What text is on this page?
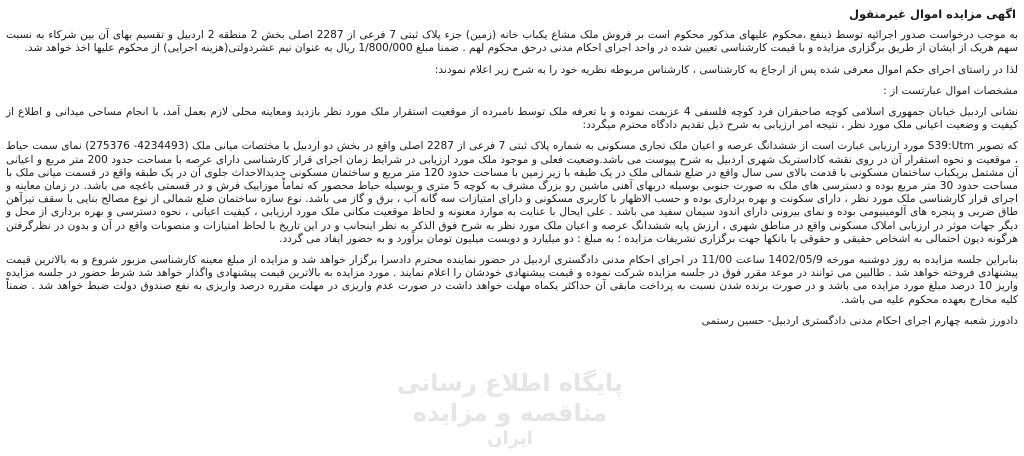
پایگاه اطلاع رسانی مناقصه و مزایده
ایران
اگهی مزایده اموال غیرمنقول
به موجب درخواست صدور اجرائیه توسط ذینفع ،محکوم علیهای مذکور محکوم است بر فروش ملک مشاع یکباب خانه (زمین) جزء پلاک ثبتی 7 فرعی از 2287 اصلی بخش 2 منطقه 2 اردبیل و تقسیم بهای آن بین شرکاء به نسبت سهم هریک از ایشان از طریق برگزاری مزایده و با قیمت کارشناسی تعیین شده در واحد اجرای احکام مدنی درحق محکوم لهم . ضمنا مبلغ 1/800/000 ریال به عنوان نیم عشردولتی(هزینه اجرایی) از محکوم علیها اخذ خواهد شد.
لذا در راستای اجرای حکم اموال معرفی شده پس از ارجاع به کارشناسی ، کارشناس مربوطه نظریه خود را به شرح زیر اعلام نمودند:
مشخصات اموال عبارتست از :
نشانی اردبیل خیابان جمهوری اسلامی کوچه صاحبقران فرد کوچه فلسفی 4 عزیمت نموده و با تعرفه ملک توسط نامبرده از موقعیت استقرار ملک مورد نظر بازدید ومعاینه محلی لازم بعمل آمد، با انجام مساحی میدانی و اطلاع از کیفیت و وضعیت اعیانی ملک مورد نظر ، نتیجه امر ارزیابی به شرح ذیل تقدیم دادگاه محترم میگردد:
که تصویر S39:Utm مورد ارزیابی عبارت است از ششدانگ عرصه و اعیان ملک تجاری مسکونی به شماره پلاک ثبتی 7 فرعی از 2287 اصلی واقع در بخش دو اردبیل با مختصات میانی ملک (4234493- 275376) نمای سمت حیاط ، موقعیت و نحوه استقرار آن در روی نقشه کاداستریک شهری اردبیل به شرح پیوست می باشد.وضعیت فعلی و موجود ملک مورد ارزیابی در شرایط زمان اجرای قرار کارشناسی دارای عرصه با مساحت حدود 200 متر مربع و اعیانی آن مشتمل بریکباب ساختمان مسکونی با قدمت بالای سی سال واقع در ضلع شمالی ملک در یک طبقه با زیر زمین با مساحت حدود 120 متر مربع و ساختمان مسکونی جدیدالاحداث جلوی آن در یک طبقه واقع در قسمت میانی ملک با مساحت حدود 30 متر مربع بوده و دسترسی های ملک به صورت جنوبی بوسیله دربهای آهنی ماشین رو بزرگ مشرف به کوچه 5 متری و بوسیله حیاط محصور که تماماً موزاییک فرش و در قسمتی باغچه می باشد. در زمان معاینه و اجرای قرار کارشناسی ملک مورد نظر ، دارای سکونت و بهره برداری بوده و حسب الاظهار با کاربری مسکونی و دارای امتیازات سه گانه آب ، برق و گاز می باشد. نوع سازه ساختمان ضلع شمالی از نوع مصالح بنایی با سقف تیرآهن طاق ضربی و پنجره های آلومینیومی بوده و نمای بیرونی دارای اندود سیمان سفید می باشد . علی ایحال با عنایت به موارد معنونه و لحاظ موقعیت مکانی ملک مورد ارزیابی ، کیفیت اعیانی ، نحوه دسترسی و بهره برداری از محل و دیگر جهات موثر در ارزیابی املاک مسکونی واقع در مناطق شهری ، ارزش پایه ششدانگ عرصه و اعیان ملک مورد نظر به شرح فوق الذکر به نظر اینجانب و در این تاریخ با لحاظ امتیازات و منصوبات واقع در آن و بدون در نظرگرفتن هرگونه دیون احتمالی به اشخاص حقیقی و حقوقی یا بانکها جهت برگزاری تشریفات مزایده ؛ به مبلغ : دو میلیارد و دویست میلیون تومان برآورد و به حضور ایفاد می گردد.
بنابراین جلسه مزایده به روز دوشنبه مورخه 1402/05/9 ساعت 11/00 در اجرای احکام مدنی دادگستری اردبیل در حضور نماینده محترم دادسرا برگزار خواهد شد و مزایده از مبلغ معینه کارشناسی مزبور شروع و به بالاترین قیمت پیشنهادی فروخته خواهد شد . طالبین می توانند در موعد مقرر فوق در جلسه مزایده شرکت نموده و قیمت پیشنهادی خودشان را اعلام نمایند . مورد مزایده به بالاترین قیمت پیشنهادی واگذار خواهد شد شرط حضور در جلسه مزایده واریز 10 درصد مبلغ مورد مزایده می باشد و در صورت برنده شدن نسبت به پرداخت مابقی آن حداکثر یکماه مهلت خواهد داشت در صورت عدم واریزی در مهلت مقرره درصد واریزی به نفع صندوق دولت ضبط خواهد شد . ضمناً کلیه مخارج بعهده محکوم علیه می باشد.
دادورز شعبه چهارم اجرای احکام مدنی دادگستری اردبیل- حسین رستمی
